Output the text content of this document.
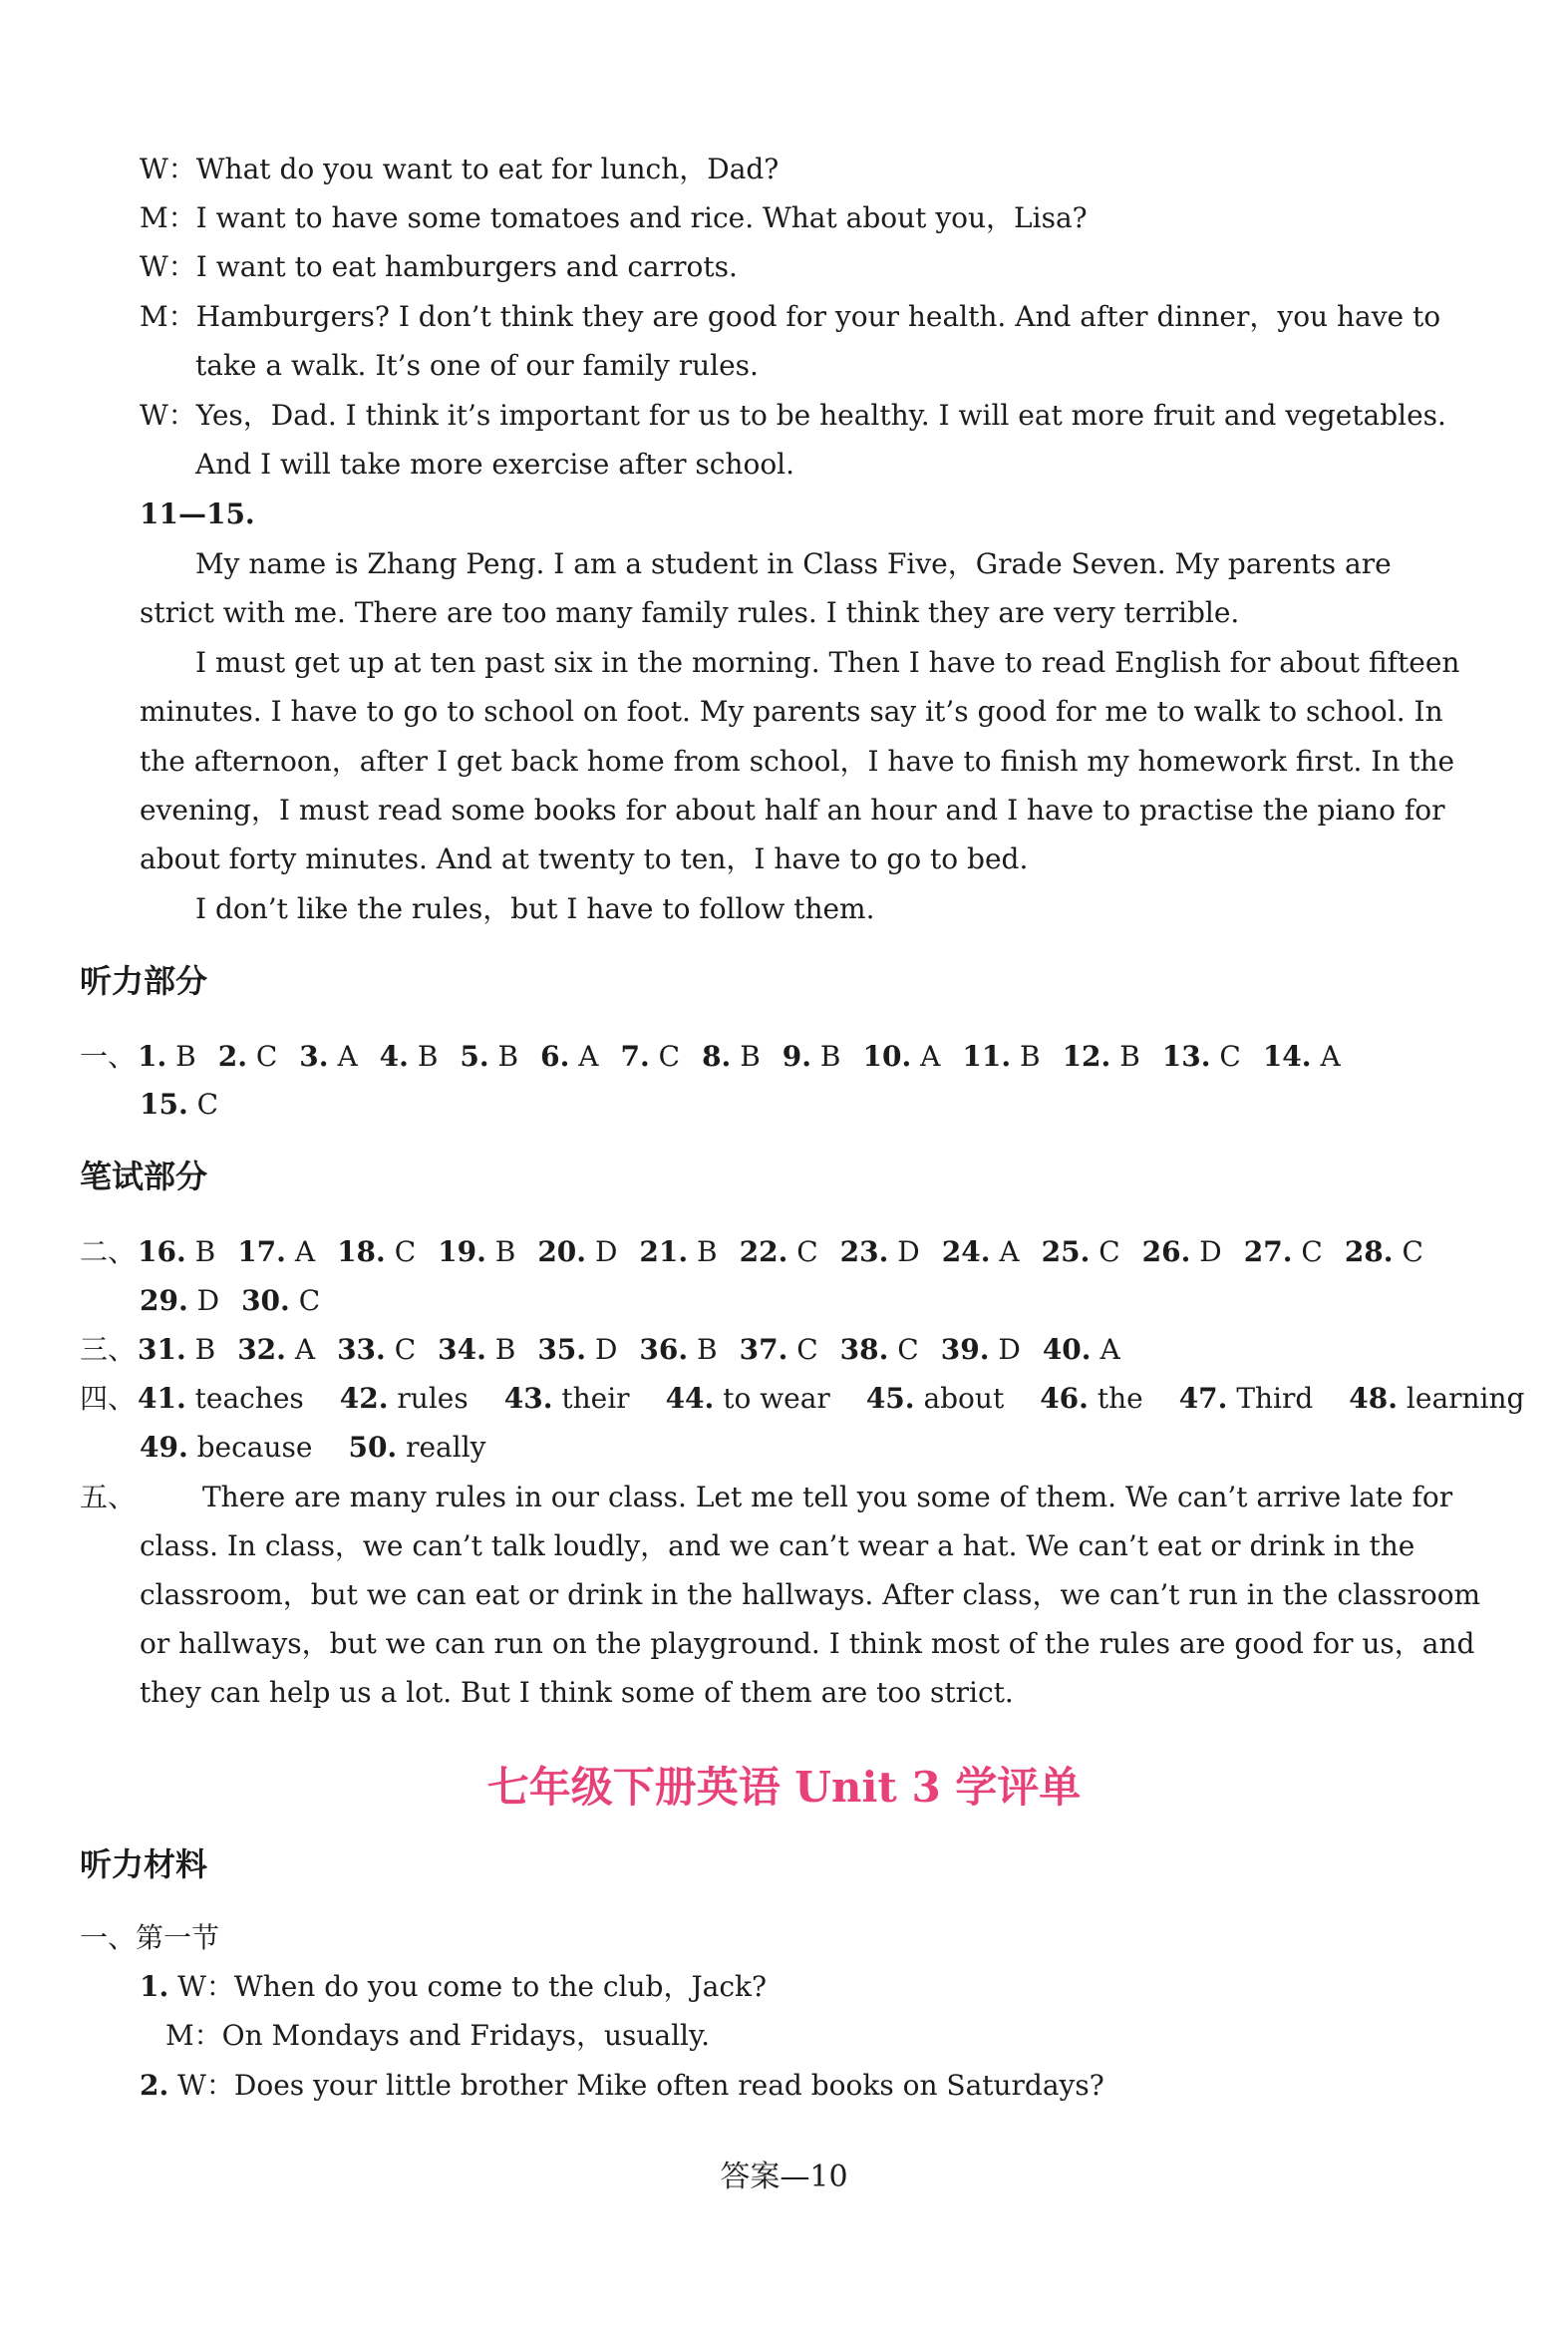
W：What do you want to eat for lunch，Dad?
M：I want to have some tomatoes and rice. What about you，Lisa?
W：I want to eat hamburgers and carrots.
M：Hamburgers? I don’t think they are good for your health. And after dinner，you have to
take a walk. It’s one of our family rules.
W：Yes，Dad. I think it’s important for us to be healthy. I will eat more fruit and vegetables.
And I will take more exercise after school.
11—15.
My name is Zhang Peng. I am a student in Class Five，Grade Seven. My parents are
strict with me. There are too many family rules. I think they are very terrible.
I must get up at ten past six in the morning. Then I have to read English for about fifteen
minutes. I have to go to school on foot. My parents say it’s good for me to walk to school. In
the afternoon，after I get back home from school，I have to finish my homework first. In the
evening，I must read some books for about half an hour and I have to practise the piano for
about forty minutes. And at twenty to ten，I have to go to bed.
I don’t like the rules，but I have to follow them.
听力部分
一、1. B 2. C 3. A 4. B 5. B 6. A 7. C 8. B 9. B 10. A 11. B 12. B 13. C 14. A
15. C
笔试部分
二、16. B 17. A 18. C 19. B 20. D 21. B 22. C 23. D 24. A 25. C 26. D 27. C 28. C
29. D 30. C
三、31. B 32. A 33. C 34. B 35. D 36. B 37. C 38. C 39. D 40. A
四、41. teaches 42. rules 43. their 44. to wear 45. about 46. the 47. Third 48. learning
49. because 50. really
五、 There are many rules in our class. Let me tell you some of them. We can’t arrive late for
class. In class，we can’t talk loudly，and we can’t wear a hat. We can’t eat or drink in the
classroom，but we can eat or drink in the hallways. After class，we can’t run in the classroom
or hallways，but we can run on the playground. I think most of the rules are good for us，and
they can help us a lot. But I think some of them are too strict.
七年级下册英语 Unit 3 学评单
听力材料
一、第一节
1. W：When do you come to the club，Jack?
M：On Mondays and Fridays，usually.
2. W：Does your little brother Mike often read books on Saturdays?
答案—10
